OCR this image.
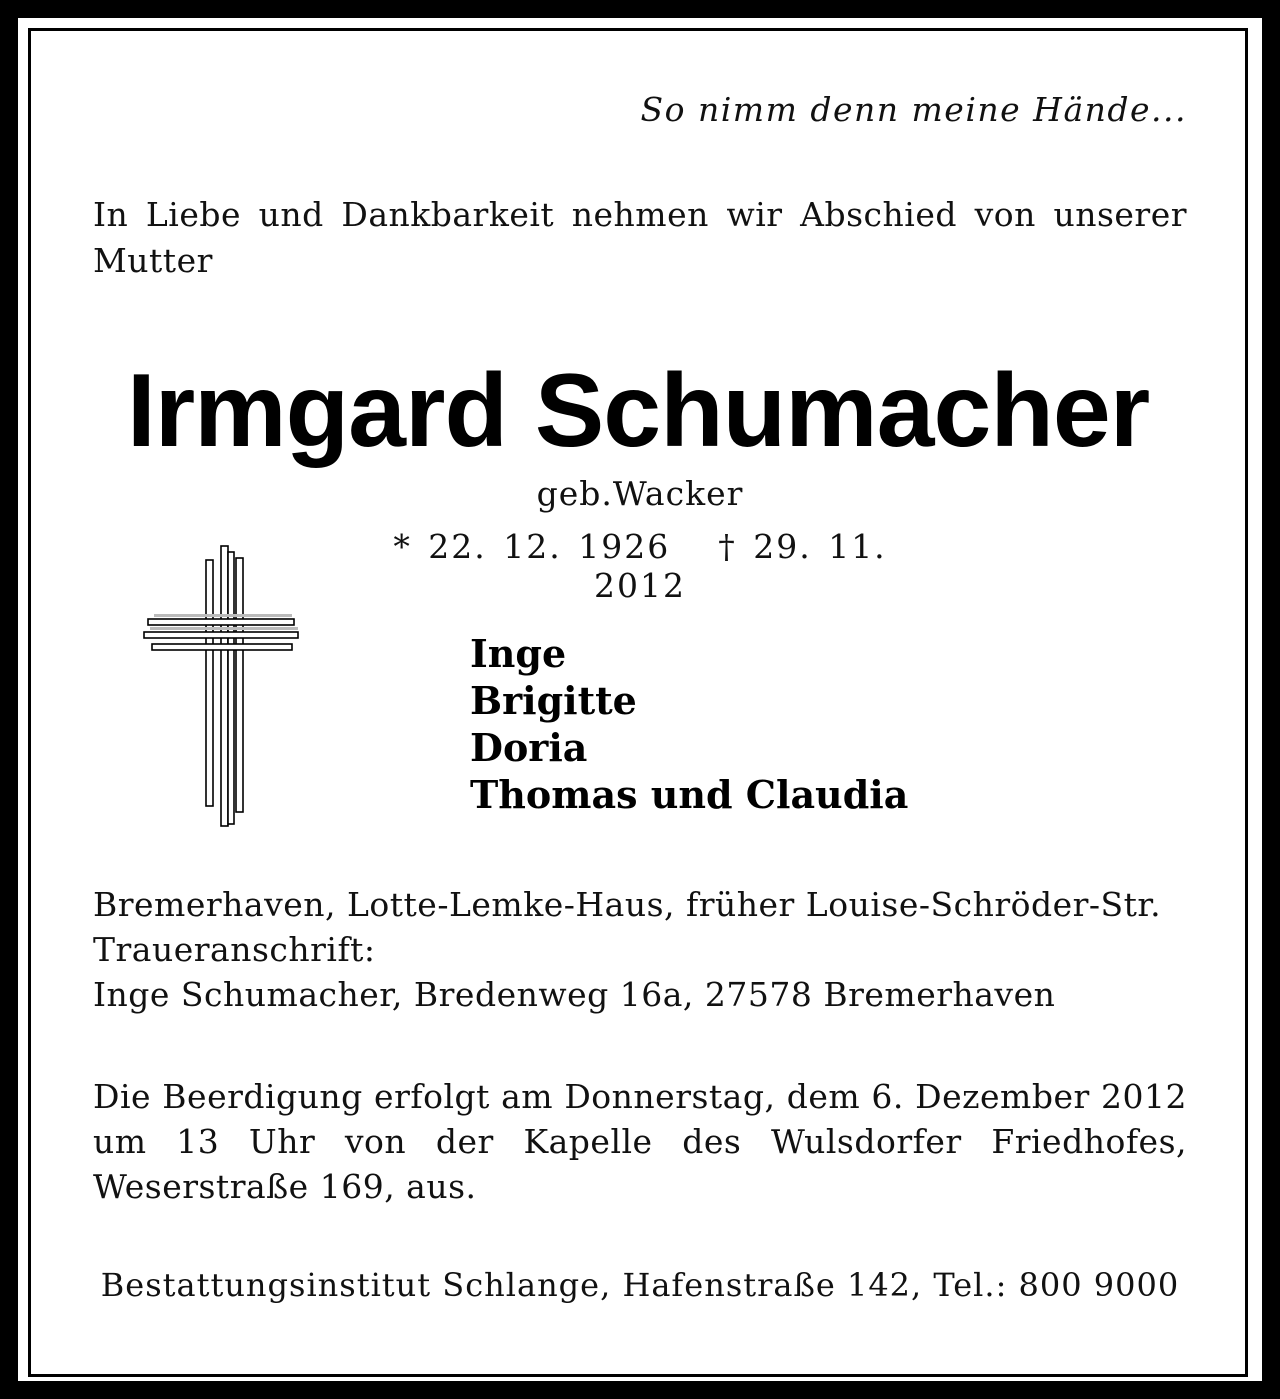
So nimm denn meine Hände...
In Liebe und Dankbarkeit nehmen wir Abschied von unserer Mutter
Irmgard Schumacher
geb.Wacker
* 22. 12. 1926 † 29. 11. 2012
Inge
Brigitte
Doria
Thomas und Claudia
Bremerhaven, Lotte-Lemke-Haus, früher Louise-Schröder-Str.
Traueranschrift:
Inge Schumacher, Bredenweg 16a, 27578 Bremerhaven
Die Beerdigung erfolgt am Donnerstag, dem 6. Dezember 2012 um 13 Uhr von der Kapelle des Wulsdorfer Friedhofes, Weserstraße 169, aus.
Bestattungsinstitut Schlange, Hafenstraße 142, Tel.: 800 9000
